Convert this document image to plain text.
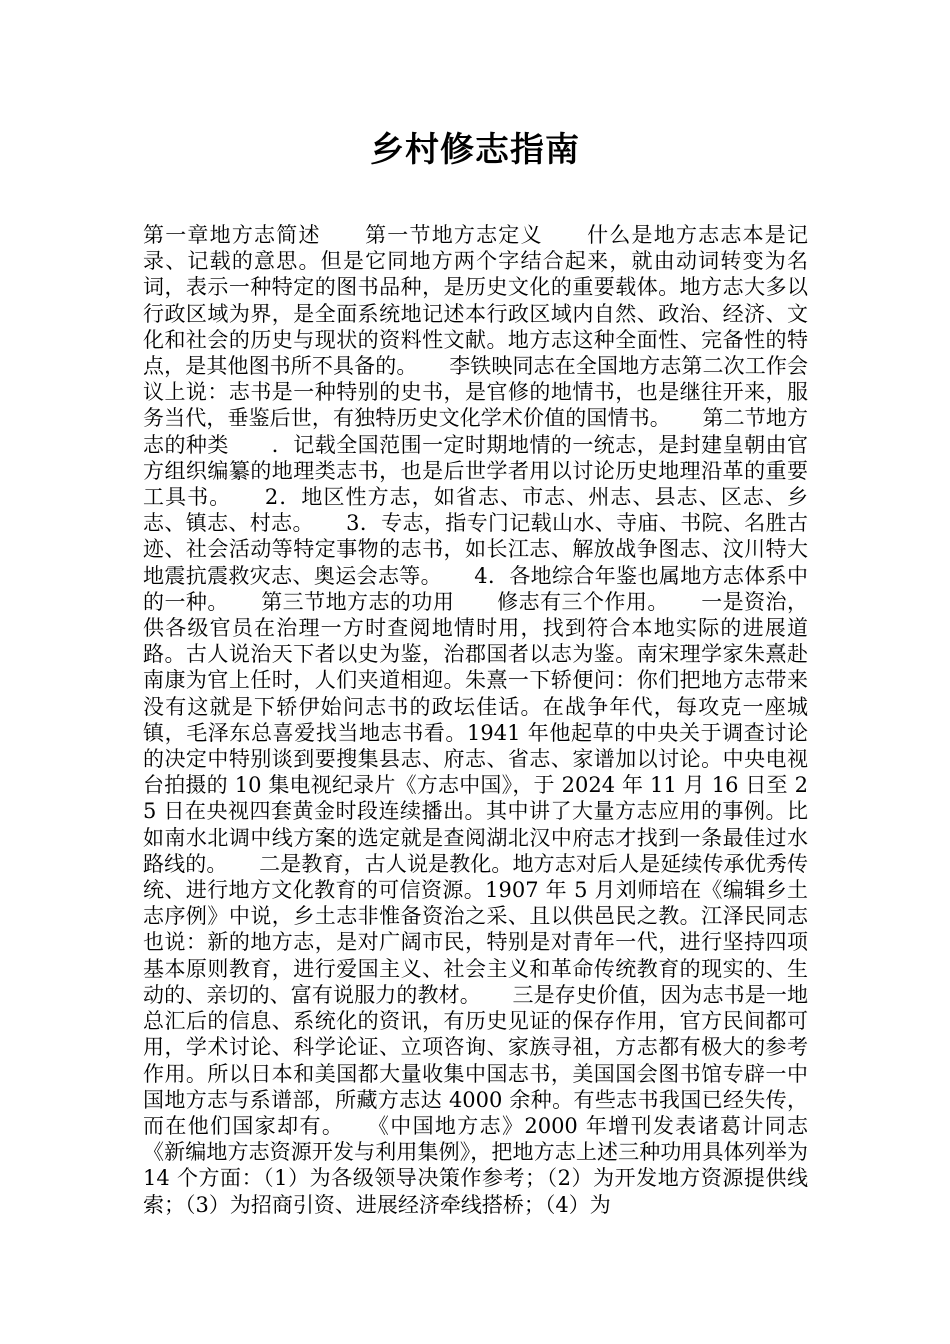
乡村修志指南

第一章地方志简述　　第一节地方志定义　　什么是地方志志本是记录、记载的意思。但是它同地方两个字结合起来，就由动词转变为名词，表示一种特定的图书品种，是历史文化的重要载体。地方志大多以行政区域为界，是全面系统地记述本行政区域内自然、政治、经济、文化和社会的历史与现状的资料性文献。地方志这种全面性、完备性的特点，是其他图书所不具备的。　　李铁映同志在全国地方志第二次工作会议上说：志书是一种特别的史书，是官修的地情书，也是继往开来，服务当代，垂鉴后世，有独特历史文化学术价值的国情书。　　第二节地方志的种类　　．记载全国范围一定时期地情的一统志，是封建皇朝由官方组织编纂的地理类志书，也是后世学者用以讨论历史地理沿革的重要工具书。　　2．地区性方志，如省志、市志、州志、县志、区志、乡志、镇志、村志。　　3．专志，指专门记载山水、寺庙、书院、名胜古迹、社会活动等特定事物的志书，如长江志、解放战争图志、汶川特大地震抗震救灾志、奥运会志等。　　4．各地综合年鉴也属地方志体系中的一种。　　第三节地方志的功用　　修志有三个作用。　　一是资治，供各级官员在治理一方时查阅地情时用，找到符合本地实际的进展道路。古人说治天下者以史为鉴，治郡国者以志为鉴。南宋理学家朱熹赴南康为官上任时，人们夹道相迎。朱熹一下轿便问：你们把地方志带来没有这就是下轿伊始问志书的政坛佳话。在战争年代，每攻克一座城镇，毛泽东总喜爱找当地志书看。1941 年他起草的中央关于调查讨论的决定中特别谈到要搜集县志、府志、省志、家谱加以讨论。中央电视台拍摄的 10 集电视纪录片《方志中国》，于 2024 年 11 月 16 日至 25 日在央视四套黄金时段连续播出。其中讲了大量方志应用的事例。比如南水北调中线方案的选定就是查阅湖北汉中府志才找到一条最佳过水路线的。　　二是教育，古人说是教化。地方志对后人是延续传承优秀传统、进行地方文化教育的可信资源。1907 年 5 月刘师培在《编辑乡土志序例》中说，乡土志非惟备资治之采、且以供邑民之教。江泽民同志也说：新的地方志，是对广阔市民，特别是对青年一代，进行坚持四项基本原则教育，进行爱国主义、社会主义和革命传统教育的现实的、生动的、亲切的、富有说服力的教材。　　三是存史价值，因为志书是一地总汇后的信息、系统化的资讯，有历史见证的保存作用，官方民间都可用，学术讨论、科学论证、立项咨询、家族寻祖，方志都有极大的参考作用。所以日本和美国都大量收集中国志书，美国国会图书馆专辟一中国地方志与系谱部，所藏方志达 4000 余种。有些志书我国已经失传，而在他们国家却有。　　《中国地方志》2000 年增刊发表诸葛计同志《新编地方志资源开发与利用集例》，把地方志上述三种功用具体列举为 14 个方面：（1）为各级领导决策作参考；（2）为开发地方资源提供线索；（3）为招商引资、进展经济牵线搭桥；（4）为
